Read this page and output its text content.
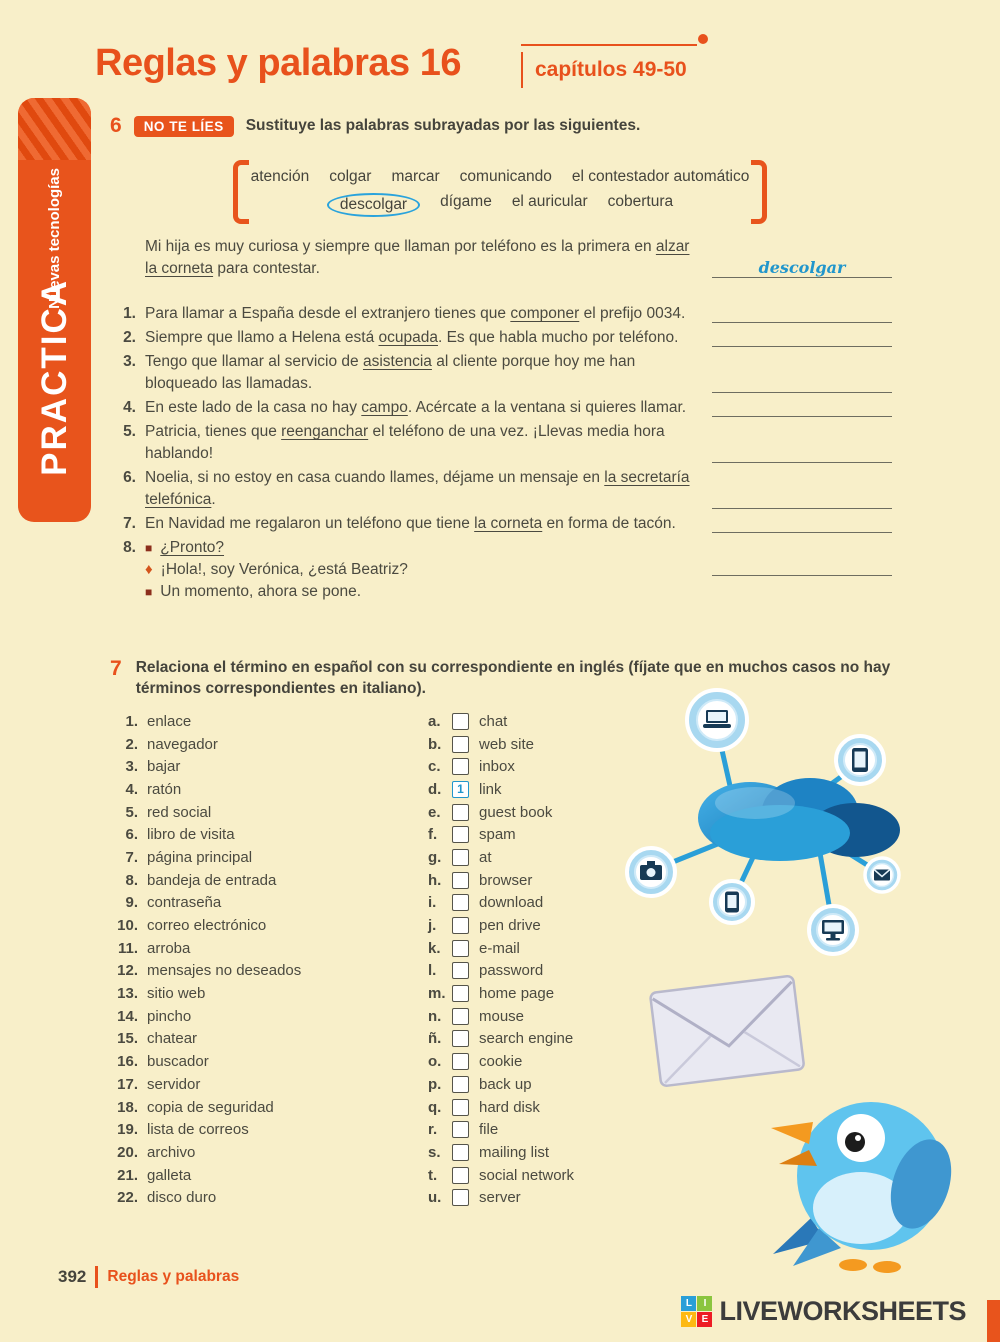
Reglas y palabras 16	capítulos 49-50
Nuevas tecnologías
PRACTICA
6	NO TE LÍES	Sustituye las palabras subrayadas por las siguientes.
atención colgar marcar comunicando el contestador automático
descolgar	dígame el auricular cobertura
Mi hija es muy curiosa y siempre que llaman por teléfono es la primera en alzar la corneta para contestar.	descolgar
1. Para llamar a España desde el extranjero tienes que componer el prefijo 0034.
2. Siempre que llamo a Helena está ocupada. Es que habla mucho por teléfono.
3. Tengo que llamar al servicio de asistencia al cliente porque hoy me han bloqueado las llamadas.
4. En este lado de la casa no hay campo. Acércate a la ventana si quieres llamar.
5. Patricia, tienes que reenganchar el teléfono de una vez. ¡Llevas media hora hablando!
6. Noelia, si no estoy en casa cuando llames, déjame un mensaje en la secretaría telefónica.
7. En Navidad me regalaron un teléfono que tiene la corneta en forma de tacón.
8. ■ ¿Pronto?
♦ ¡Hola!, soy Verónica, ¿está Beatriz?
■ Un momento, ahora se pone.
7 Relaciona el término en español con su correspondiente en inglés (fíjate que en muchos casos no hay términos correspondientes en italiano).
1. enlace
2. navegador
3. bajar
4. ratón
5. red social
6. libro de visita
7. página principal
8. bandeja de entrada
9. contraseña
10. correo electrónico
11. arroba
12. mensajes no deseados
13. sitio web
14. pincho
15. chatear
16. buscador
17. servidor
18. copia de seguridad
19. lista de correos
20. archivo
21. galleta
22. disco duro
a.	chat
b.	web site
c.	inbox
d.	1	link
e.	guest book
f.	spam
g.	at
h.	browser
i.	download
j.	pen drive
k.	e-mail
l.	password
m.	home page
n.	mouse
ñ.	search engine
o.	cookie
p.	back up
q.	hard disk
r.	file
s.	mailing list
t.	social network
u.	server
392 Reglas y palabras
L	I
V E LIVEWORKSHEETS
